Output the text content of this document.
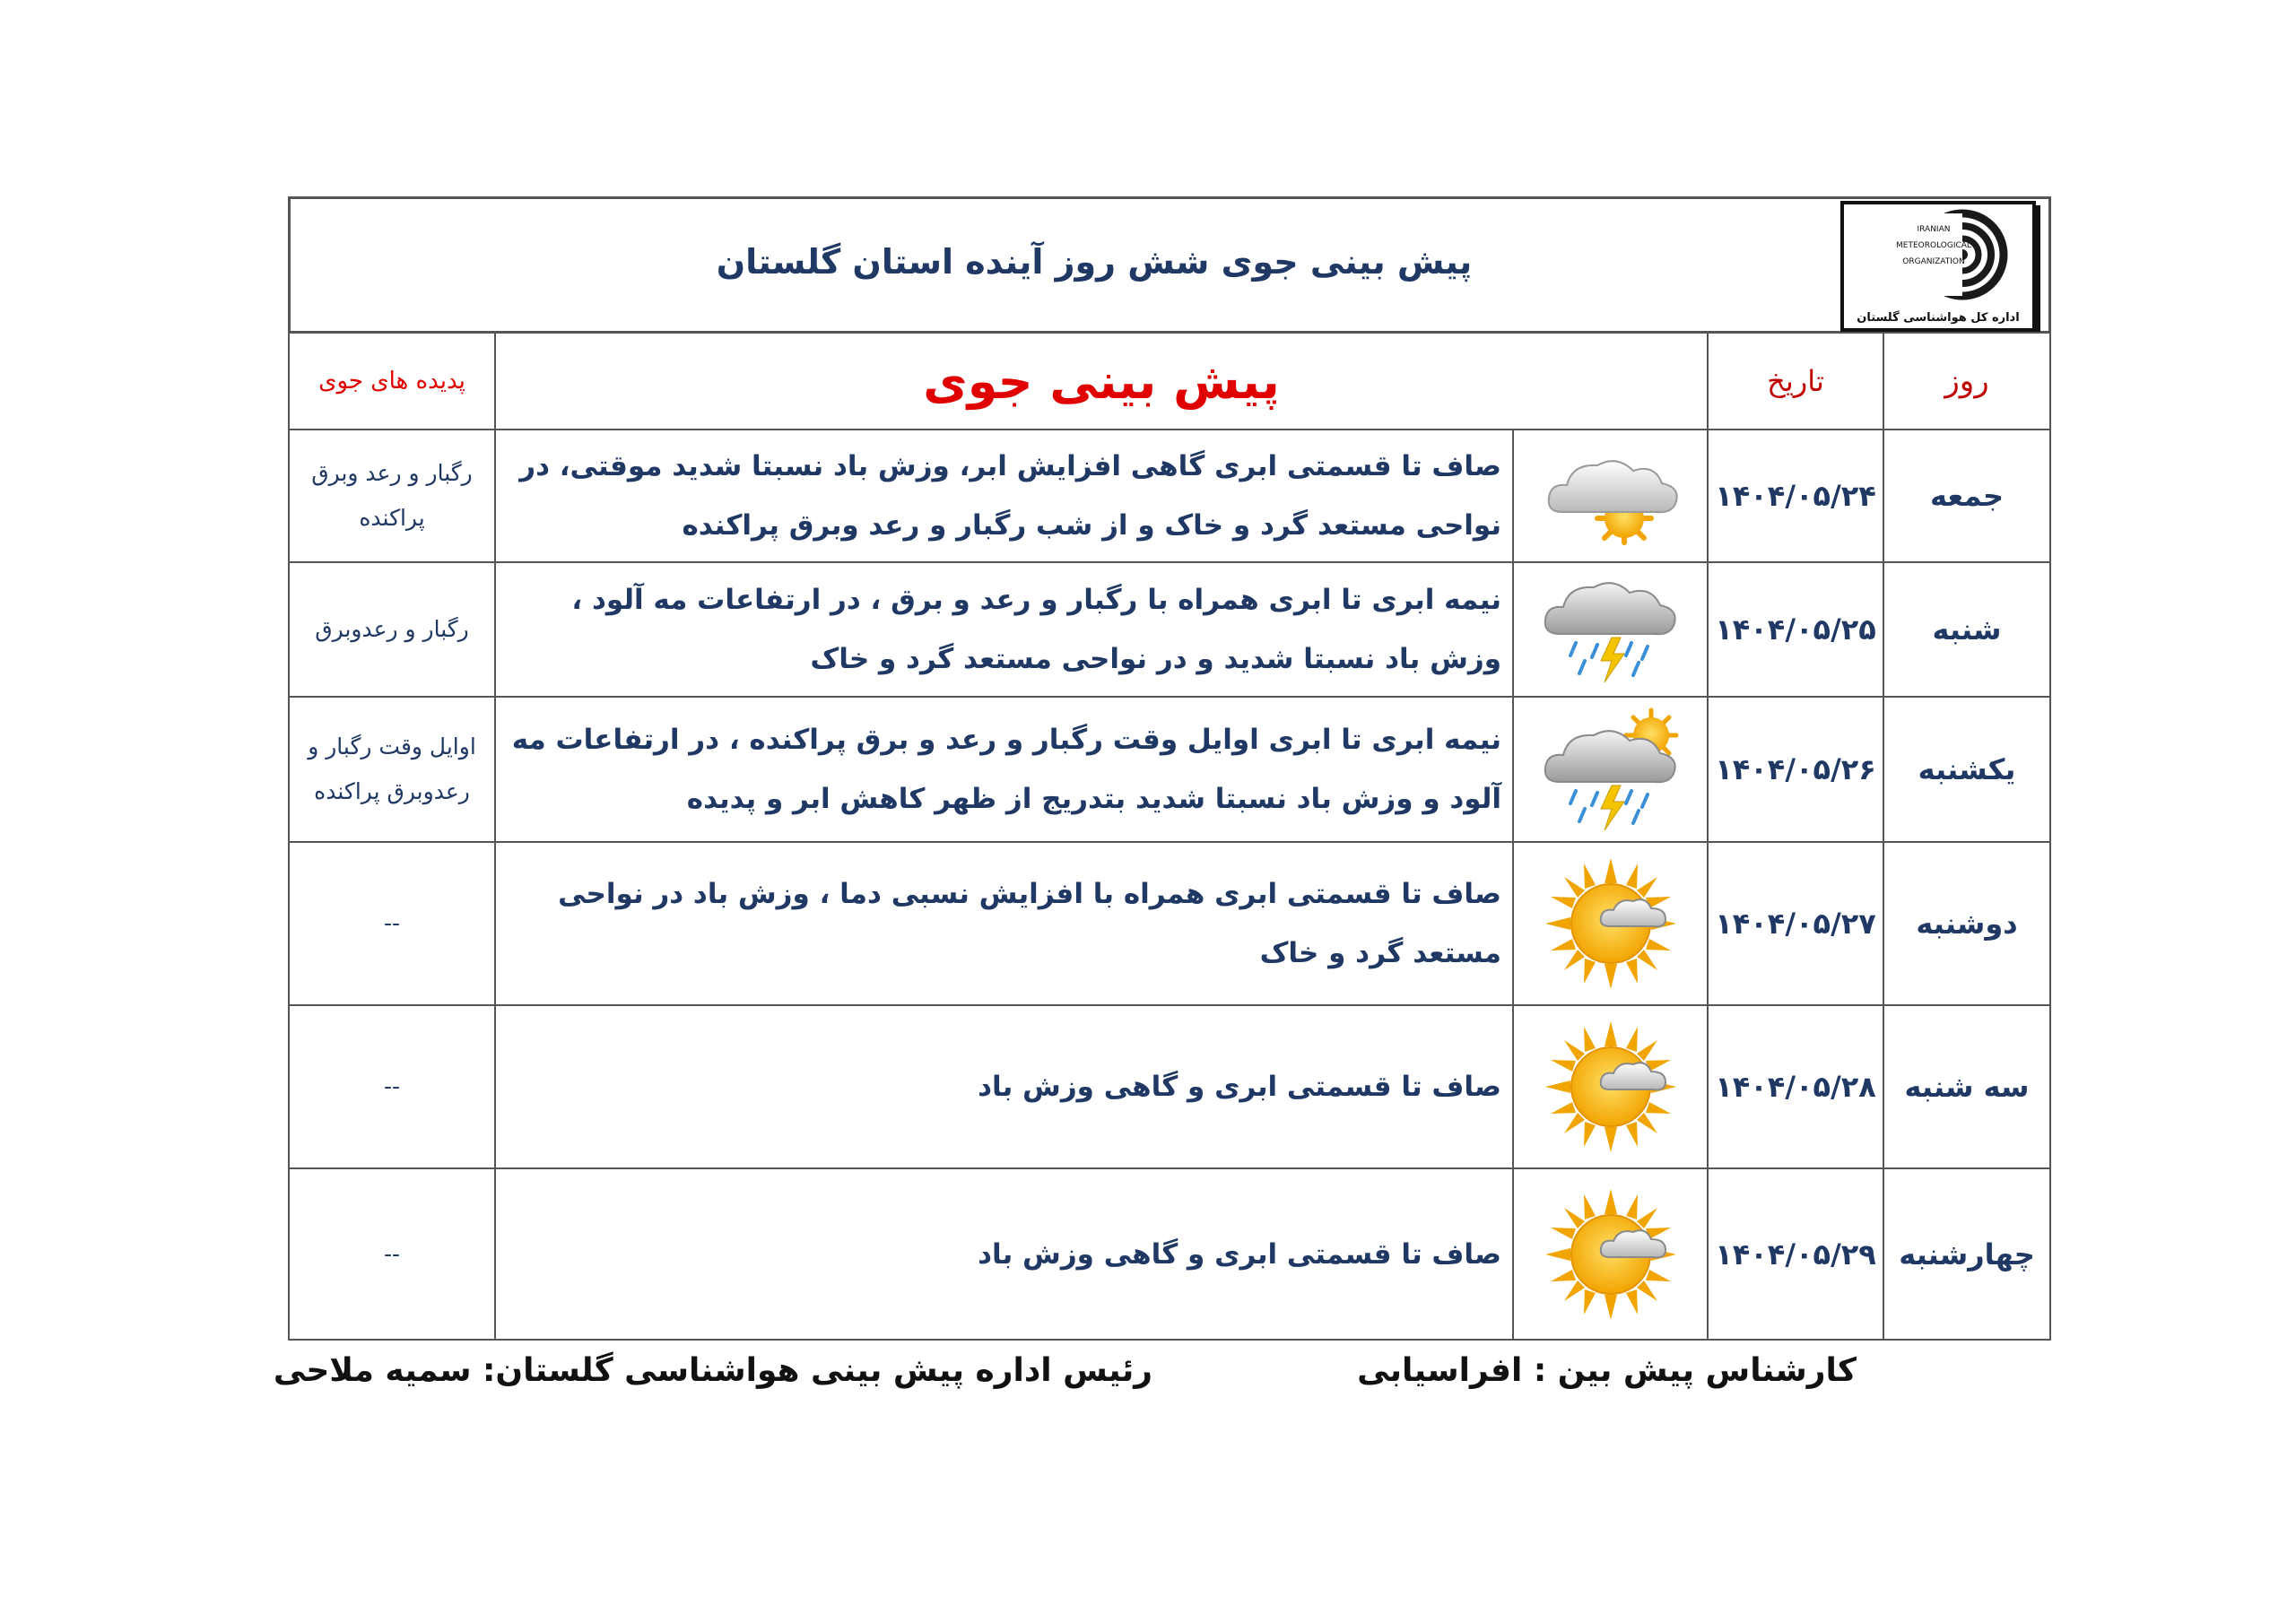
پیش بینی جوی شش روز آینده استان گلستان
IRANIAN
METEOROLOGICAL
ORGANIZATION
اداره کل هواشناسی گلستان
روز
تاریخ
پیش بینی جوی
پدیده های جوی
جمعه
۱۴۰۴/۰۵/۲۴
صاف تا قسمتی ابری گاهی افزایش ابر، وزش باد نسبتا شدید موقتی، در نواحی مستعد گرد و خاک و از شب رگبار و رعد وبرق پراکنده
رگبار و رعد وبرق پراکنده
شنبه
۱۴۰۴/۰۵/۲۵
نیمه ابری تا ابری همراه با رگبار و رعد و برق ، در ارتفاعات مه آلود ، وزش باد نسبتا شدید و در نواحی مستعد گرد و خاک
رگبار و رعدوبرق
یکشنبه
۱۴۰۴/۰۵/۲۶
نیمه ابری تا ابری اوایل وقت رگبار و رعد و برق پراکنده ، در ارتفاعات مه آلود و وزش باد نسبتا شدید بتدریج از ظهر کاهش ابر و پدیده
اوایل وقت رگبار و رعدوبرق پراکنده
دوشنبه
۱۴۰۴/۰۵/۲۷
صاف تا قسمتی ابری همراه با افزایش نسبی دما ، وزش باد در نواحی مستعد گرد و خاک
--
سه شنبه
۱۴۰۴/۰۵/۲۸
صاف تا قسمتی ابری و گاهی وزش باد
--
چهارشنبه
۱۴۰۴/۰۵/۲۹
صاف تا قسمتی ابری و گاهی وزش باد
--
کارشناس پیش بین : افراسیابی
رئیس اداره پیش بینی هواشناسی گلستان: سمیه ملاحی
